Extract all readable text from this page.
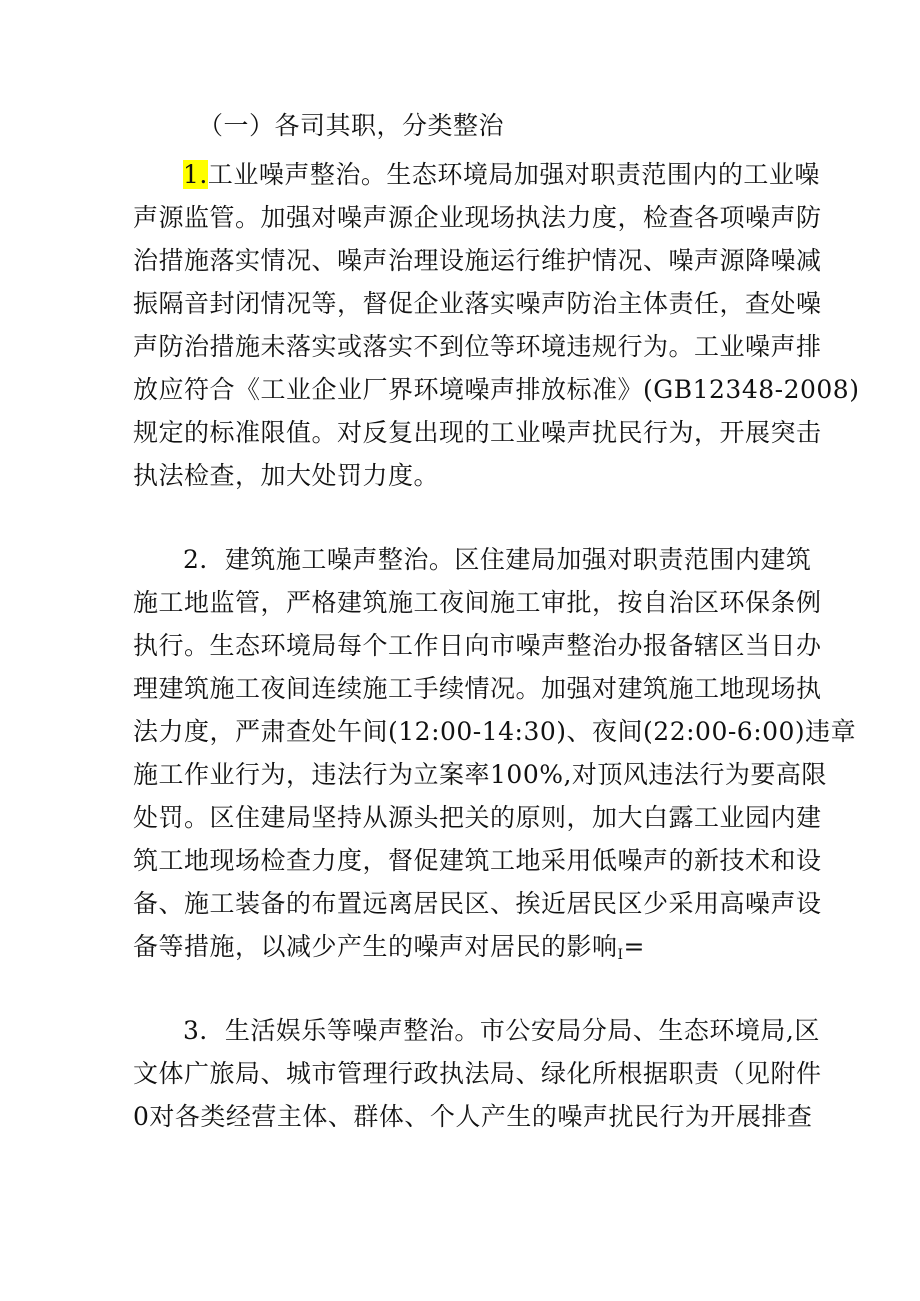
（一）各司其职，分类整治
1.工业噪声整治。生态环境局加强对职责范围内的工业噪
声源监管。加强对噪声源企业现场执法力度，检查各项噪声防
治措施落实情况、噪声治理设施运行维护情况、噪声源降噪减
振隔音封闭情况等，督促企业落实噪声防治主体责任，查处噪
声防治措施未落实或落实不到位等环境违规行为。工业噪声排
放应符合《工业企业厂界环境噪声排放标准》(GB12348-2008)
规定的标准限值。对反复出现的工业噪声扰民行为，开展突击
执法检查，加大处罚力度。
2．建筑施工噪声整治。区住建局加强对职责范围内建筑
施工地监管，严格建筑施工夜间施工审批，按自治区环保条例
执行。生态环境局每个工作日向市噪声整治办报备辖区当日办
理建筑施工夜间连续施工手续情况。加强对建筑施工地现场执
法力度，严肃查处午间(12:00-14:30)、夜间(22:00-6:00)违章
施工作业行为，违法行为立案率100%,对顶风违法行为要高限
处罚。区住建局坚持从源头把关的原则，加大白露工业园内建
筑工地现场检查力度，督促建筑工地采用低噪声的新技术和设
备、施工装备的布置远离居民区、挨近居民区少采用高噪声设
备等措施，以减少产生的噪声对居民的影响$_I$=
3．生活娱乐等噪声整治。市公安局分局、生态环境局,区
文体广旅局、城市管理行政执法局、绿化所根据职责（见附件
0对各类经营主体、群体、个人产生的噪声扰民行为开展排查
